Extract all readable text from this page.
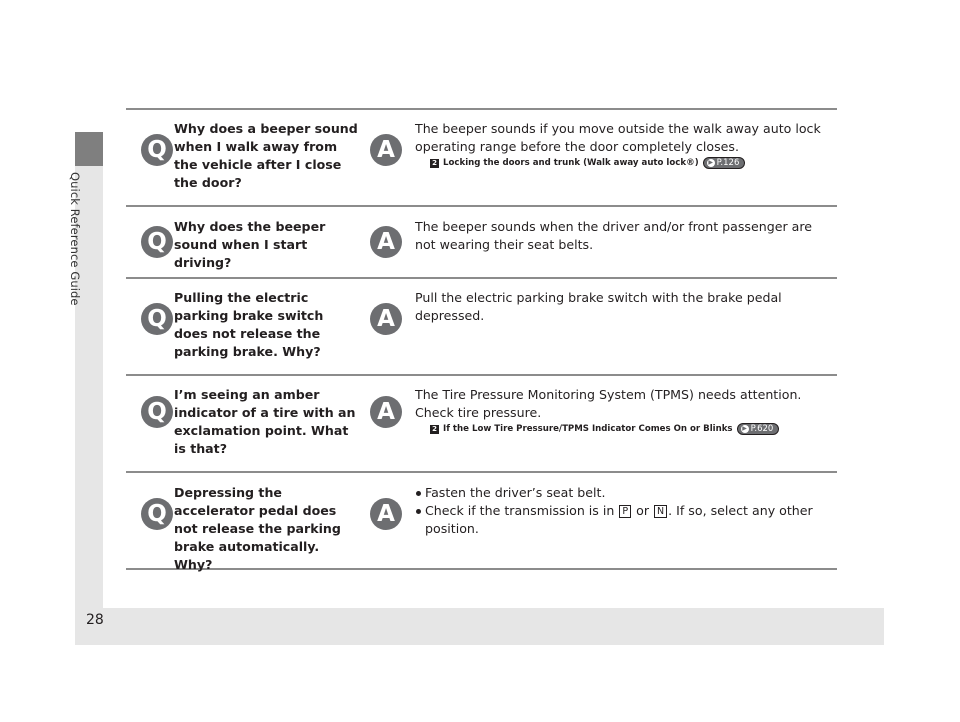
Quick Reference Guide
Q
Why does a beeper sound when I walk away from the vehicle after I close the door?
A
The beeper sounds if you move outside the walk away auto lock operating range before the door completely closes.
2 Locking the doors and trunk (Walk away auto lock®) ▶ P.126
Q
Why does the beeper sound when I start driving?
A
The beeper sounds when the driver and/or front passenger are not wearing their seat belts.
Q
Pulling the electric parking brake switch does not release the parking brake. Why?
A
Pull the electric parking brake switch with the brake pedal depressed.
Q
I’m seeing an amber indicator of a tire with an exclamation point. What is that?
A
The Tire Pressure Monitoring System (TPMS) needs attention. Check tire pressure.
2 If the Low Tire Pressure/TPMS Indicator Comes On or Blinks ▶ P.620
Q
Depressing the accelerator pedal does not release the parking brake automatically. Why?
A
Fasten the driver’s seat belt.
Check if the transmission is in P or N . If so, select any other position.
28
